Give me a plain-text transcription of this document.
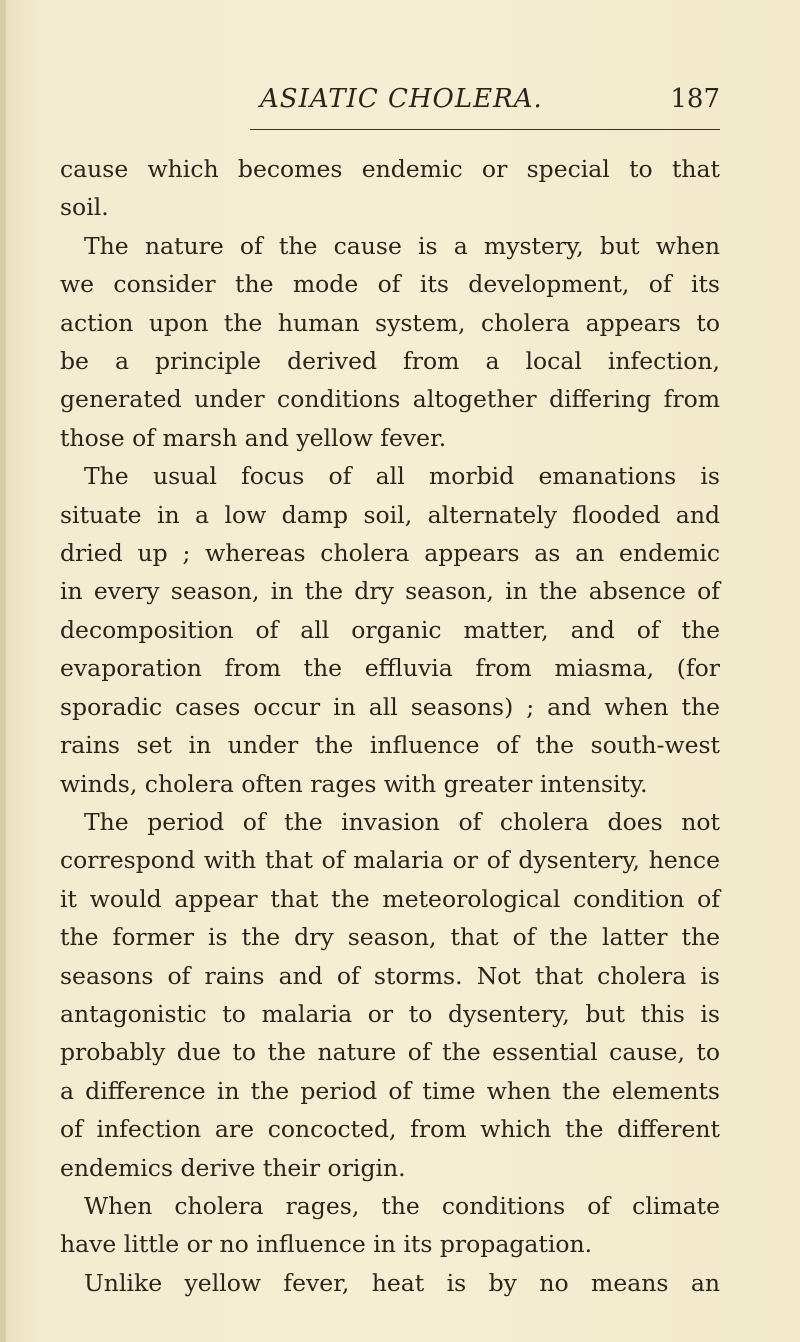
ASIATIC CHOLERA.	187
cause which becomes endemic or special to that
soil.
The nature of the cause is a mystery, but when
we consider the mode of its development, of its
action upon the human system, cholera appears to
be a principle derived from a local infection,
generated under conditions altogether differing from
those of marsh and yellow fever.
The usual focus of all morbid emanations is
situate in a low damp soil, alternately flooded and
dried up ; whereas cholera appears as an endemic
in every season, in the dry season, in the absence of
decomposition of all organic matter, and of the
evaporation from the effluvia from miasma, (for
sporadic cases occur in all seasons) ; and when the
rains set in under the influence of the south-west
winds, cholera often rages with greater intensity.
The period of the invasion of cholera does not
correspond with that of malaria or of dysentery, hence
it would appear that the meteorological condition of
the former is the dry season, that of the latter the
seasons of rains and of storms. Not that cholera is
antagonistic to malaria or to dysentery, but this is
probably due to the nature of the essential cause, to
a difference in the period of time when the elements
of infection are concocted, from which the different
endemics derive their origin.
When cholera rages, the conditions of climate
have little or no influence in its propagation.
Unlike yellow fever, heat is by no means an
